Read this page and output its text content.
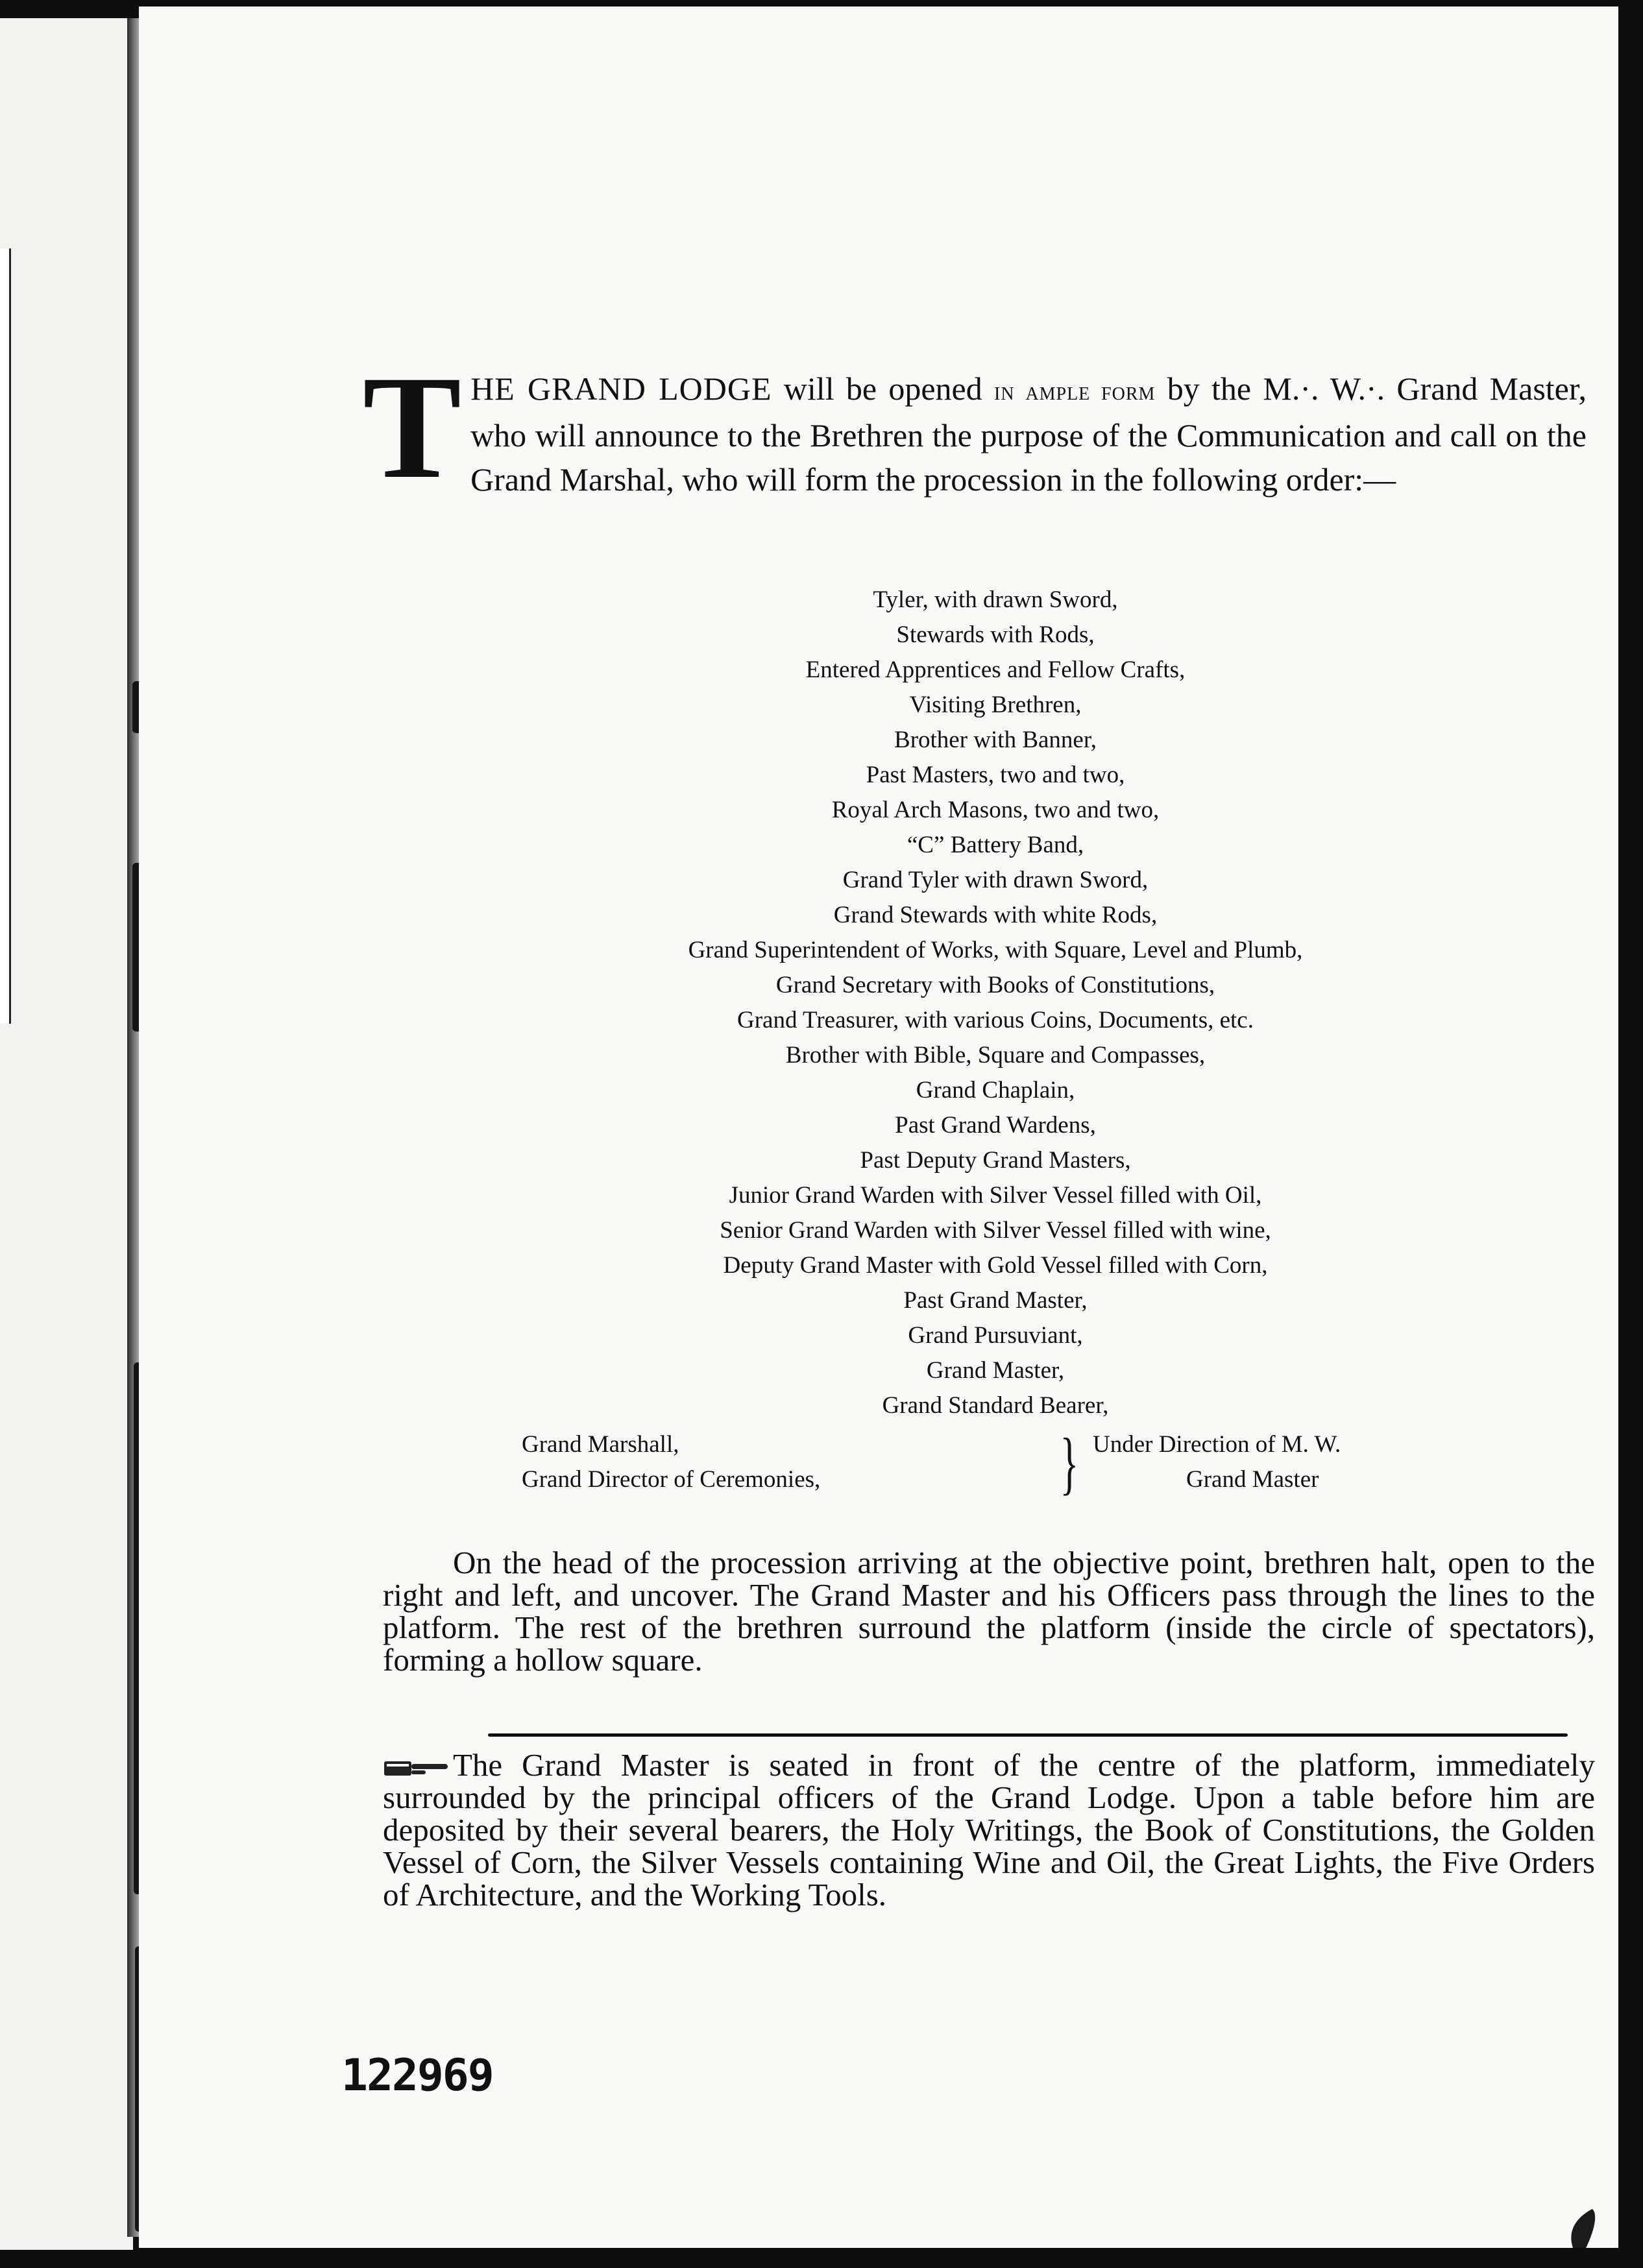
T HE GRAND LODGE will be opened in ample form by the M.·. W.·. Grand Master, who will announce to the Brethren the purpose of the Communication and call on the Grand Marshal, who will form the procession in the following order:—
Tyler, with drawn Sword,
Stewards with Rods,
Entered Apprentices and Fellow Crafts,
Visiting Brethren,
Brother with Banner,
Past Masters, two and two,
Royal Arch Masons, two and two,
“C” Battery Band,
Grand Tyler with drawn Sword,
Grand Stewards with white Rods,
Grand Superintendent of Works, with Square, Level and Plumb,
Grand Secretary with Books of Constitutions,
Grand Treasurer, with various Coins, Documents, etc.
Brother with Bible, Square and Compasses,
Grand Chaplain,
Past Grand Wardens,
Past Deputy Grand Masters,
Junior Grand Warden with Silver Vessel filled with Oil,
Senior Grand Warden with Silver Vessel filled with wine,
Deputy Grand Master with Gold Vessel filled with Corn,
Past Grand Master,
Grand Pursuviant,
Grand Master,
Grand Standard Bearer,
Grand Marshall,
Grand Director of Ceremonies,	} Under Direction of M. W.
Grand Master

On the head of the procession arriving at the objective point, brethren halt, open to the right and left, and uncover. The Grand Master and his Officers pass through the lines to the platform. The rest of the brethren surround the platform (inside the circle of spectators), forming a hollow square.

The Grand Master is seated in front of the centre of the platform, immediately surrounded by the principal officers of the Grand Lodge. Upon a table before him are deposited by their several bearers, the Holy Writings, the Book of Constitutions, the Golden Vessel of Corn, the Silver Vessels containing Wine and Oil, the Great Lights, the Five Orders of Architecture, and the Working Tools.

122969
